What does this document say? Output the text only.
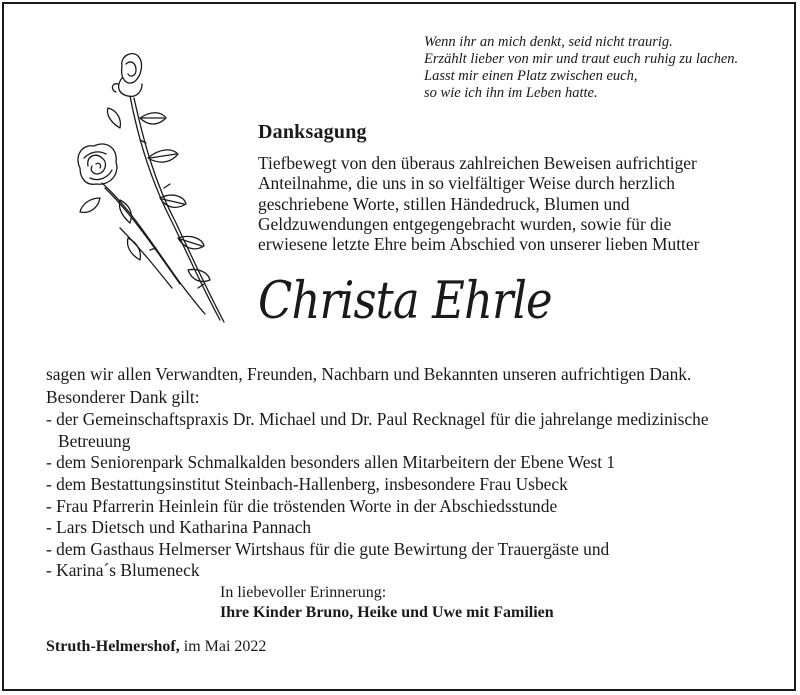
Wenn ihr an mich denkt, seid nicht traurig.
Erzählt lieber von mir und traut euch ruhig zu lachen.
Lasst mir einen Platz zwischen euch,
so wie ich ihn im Leben hatte.
Danksagung
Tiefbewegt von den überaus zahlreichen Beweisen aufrichtiger
Anteilnahme, die uns in so vielfältiger Weise durch herzlich
geschriebene Worte, stillen Händedruck, Blumen und
Geldzuwendungen entgegengebracht wurden, sowie für die
erwiesene letzte Ehre beim Abschied von unserer lieben Mutter
Christa Ehrle
sagen wir allen Verwandten, Freunden, Nachbarn und Bekannten unseren aufrichtigen Dank.
Besonderer Dank gilt:
- der Gemeinschaftspraxis Dr. Michael und Dr. Paul Recknagel für die jahrelange medizinische
Betreuung
- dem Seniorenpark Schmalkalden besonders allen Mitarbeitern der Ebene West 1
- dem Bestattungsinstitut Steinbach-Hallenberg, insbesondere Frau Usbeck
- Frau Pfarrerin Heinlein für die tröstenden Worte in der Abschiedsstunde
- Lars Dietsch und Katharina Pannach
- dem Gasthaus Helmerser Wirtshaus für die gute Bewirtung der Trauergäste und
- Karina´s Blumeneck
In liebevoller Erinnerung:
Ihre Kinder Bruno, Heike und Uwe mit Familien
Struth-Helmershof, im Mai 2022
